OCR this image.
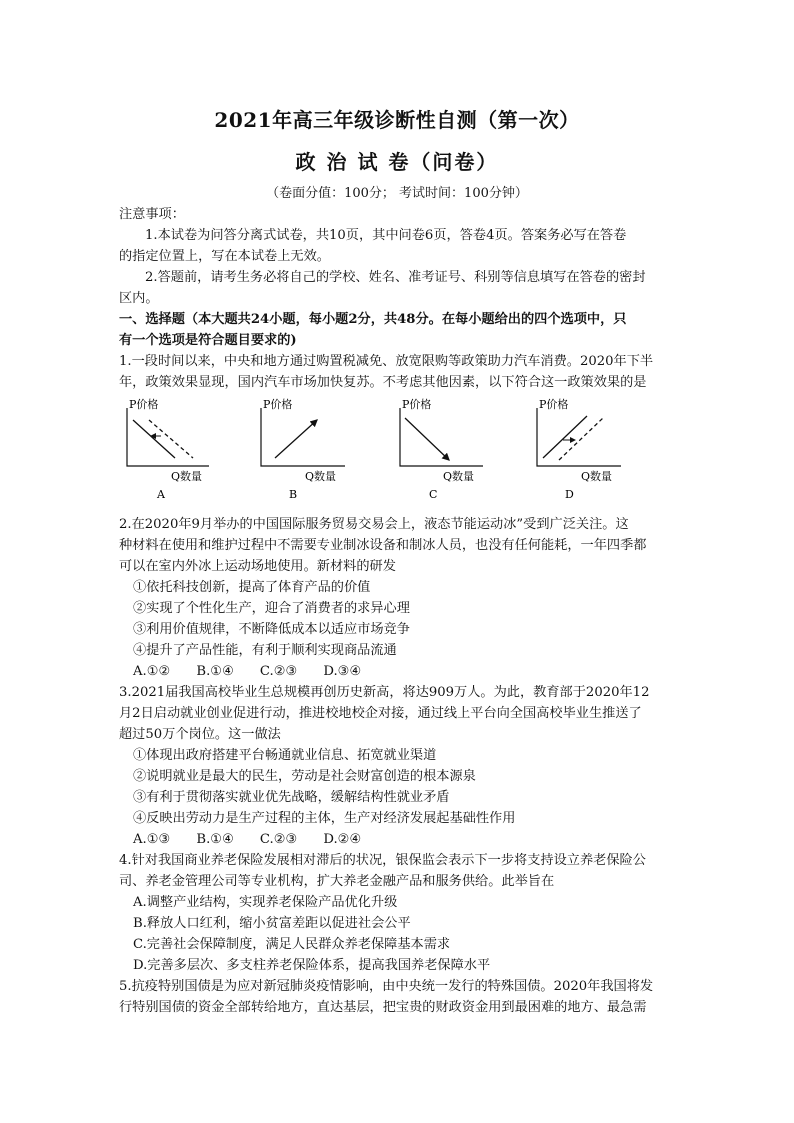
2021年高三年级诊断性自测（第一次）
政 治 试 卷（问卷）
（卷面分值：100分； 考试时间：100分钟）
注意事项：
1.本试卷为问答分离式试卷，共10页，其中问卷6页，答卷4页。答案务必写在答卷
的指定位置上，写在本试卷上无效。
2.答题前，请考生务必将自己的学校、姓名、准考证号、科别等信息填写在答卷的密封
区内。
一、选择题（本大题共24小题，每小题2分，共48分。在每小题给出的四个选项中，只
有一个选项是符合题目要求的)
1.一段时间以来，中央和地方通过购置税减免、放宽限购等政策助力汽车消费。2020年下半
年，政策效果显现，国内汽车市场加快复苏。不考虑其他因素，以下符合这一政策效果的是
P价格
Q数量
A
P价格
Q数量
B
P价格
Q数量
C
P价格
Q数量
D
2.在2020年9月举办的中国国际服务贸易交易会上，液态节能运动冰”受到广泛关注。这
种材料在使用和维护过程中不需要专业制冰设备和制冰人员，也没有任何能耗，一年四季都
可以在室内外冰上运动场地使用。新材料的研发
①依托科技创新，提高了体育产品的价值
②实现了个性化生产，迎合了消费者的求异心理
③利用价值规律，不断降低成本以适应市场竞争
④提升了产品性能，有利于顺利实现商品流通
A.①② B.①④ C.②③ D.③④
3.2021届我国高校毕业生总规模再创历史新高，将达909万人。为此，教育部于2020年12
月2日启动就业创业促进行动，推进校地校企对接，通过线上平台向全国高校毕业生推送了
超过50万个岗位。这一做法
①体现出政府搭建平台畅通就业信息、拓宽就业渠道
②说明就业是最大的民生，劳动是社会财富创造的根本源泉
③有利于贯彻落实就业优先战略，缓解结构性就业矛盾
④反映出劳动力是生产过程的主体，生产对经济发展起基础性作用
A.①③ B.①④ C.②③ D.②④
4.针对我国商业养老保险发展相对滞后的状况，银保监会表示下一步将支持设立养老保险公
司、养老金管理公司等专业机构，扩大养老金融产品和服务供给。此举旨在
A.调整产业结构，实现养老保险产品优化升级
B.释放人口红利，缩小贫富差距以促进社会公平
C.完善社会保障制度，满足人民群众养老保障基本需求
D.完善多层次、多支柱养老保险体系，提高我国养老保障水平
5.抗疫特别国债是为应对新冠肺炎疫情影响，由中央统一发行的特殊国债。2020年我国将发
行特别国债的资金全部转给地方，直达基层，把宝贵的财政资金用到最困难的地方、最急需
